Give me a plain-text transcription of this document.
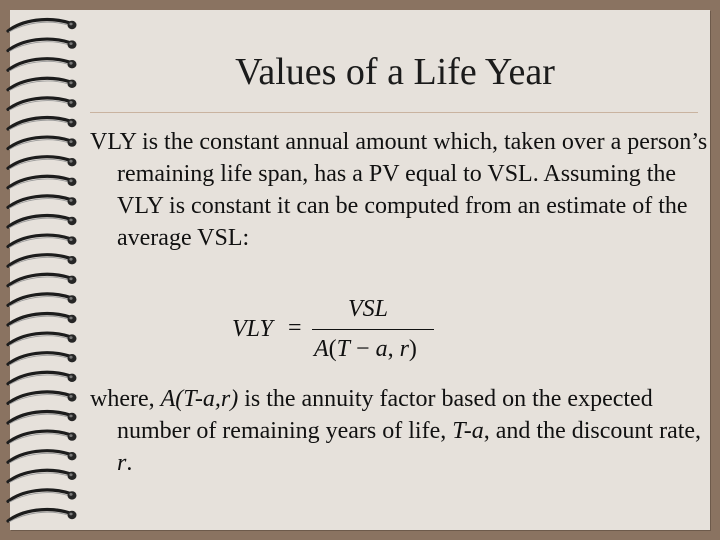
Values of a Life Year
VLY is the constant annual amount which, taken over a person’s remaining life span, has a PV equal to VSL. Assuming the VLY is constant it can be computed from an estimate of the average VSL:
VLY =
VSL
A(T − a, r)
where, A(T-a,r) is the annuity factor based on the expected number of remaining years of life, T-a, and the discount rate, r.
